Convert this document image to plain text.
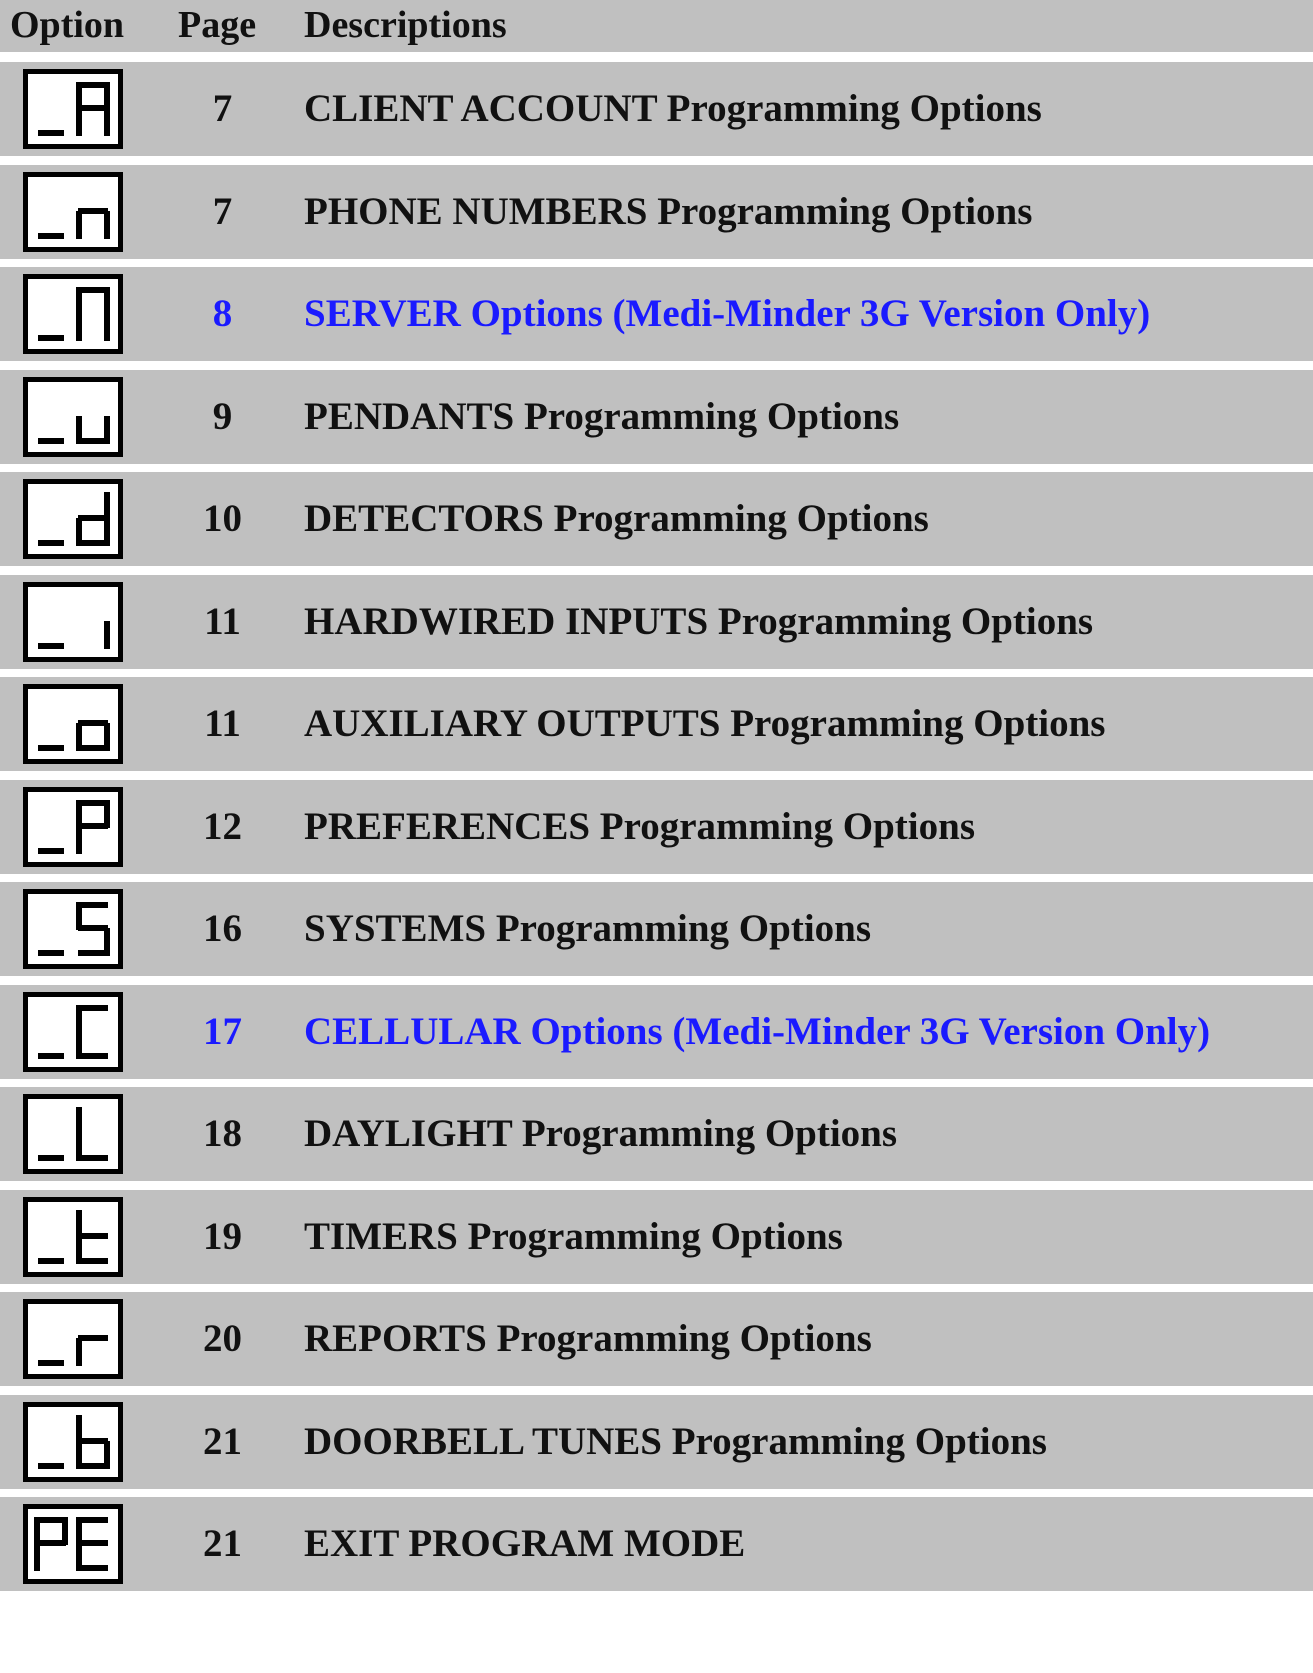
Option Page Descriptions
7	CLIENT ACCOUNT Programming Options
7	PHONE NUMBERS Programming Options
8	SERVER Options (Medi-Minder 3G Version Only)
9	PENDANTS Programming Options
10	DETECTORS Programming Options
11	HARDWIRED INPUTS Programming Options
11	AUXILIARY OUTPUTS Programming Options
12	PREFERENCES Programming Options
16	SYSTEMS Programming Options
17	CELLULAR Options (Medi-Minder 3G Version Only)
18	DAYLIGHT Programming Options
19	TIMERS Programming Options
20	REPORTS Programming Options
21	DOORBELL TUNES Programming Options
21	EXIT PROGRAM MODE
